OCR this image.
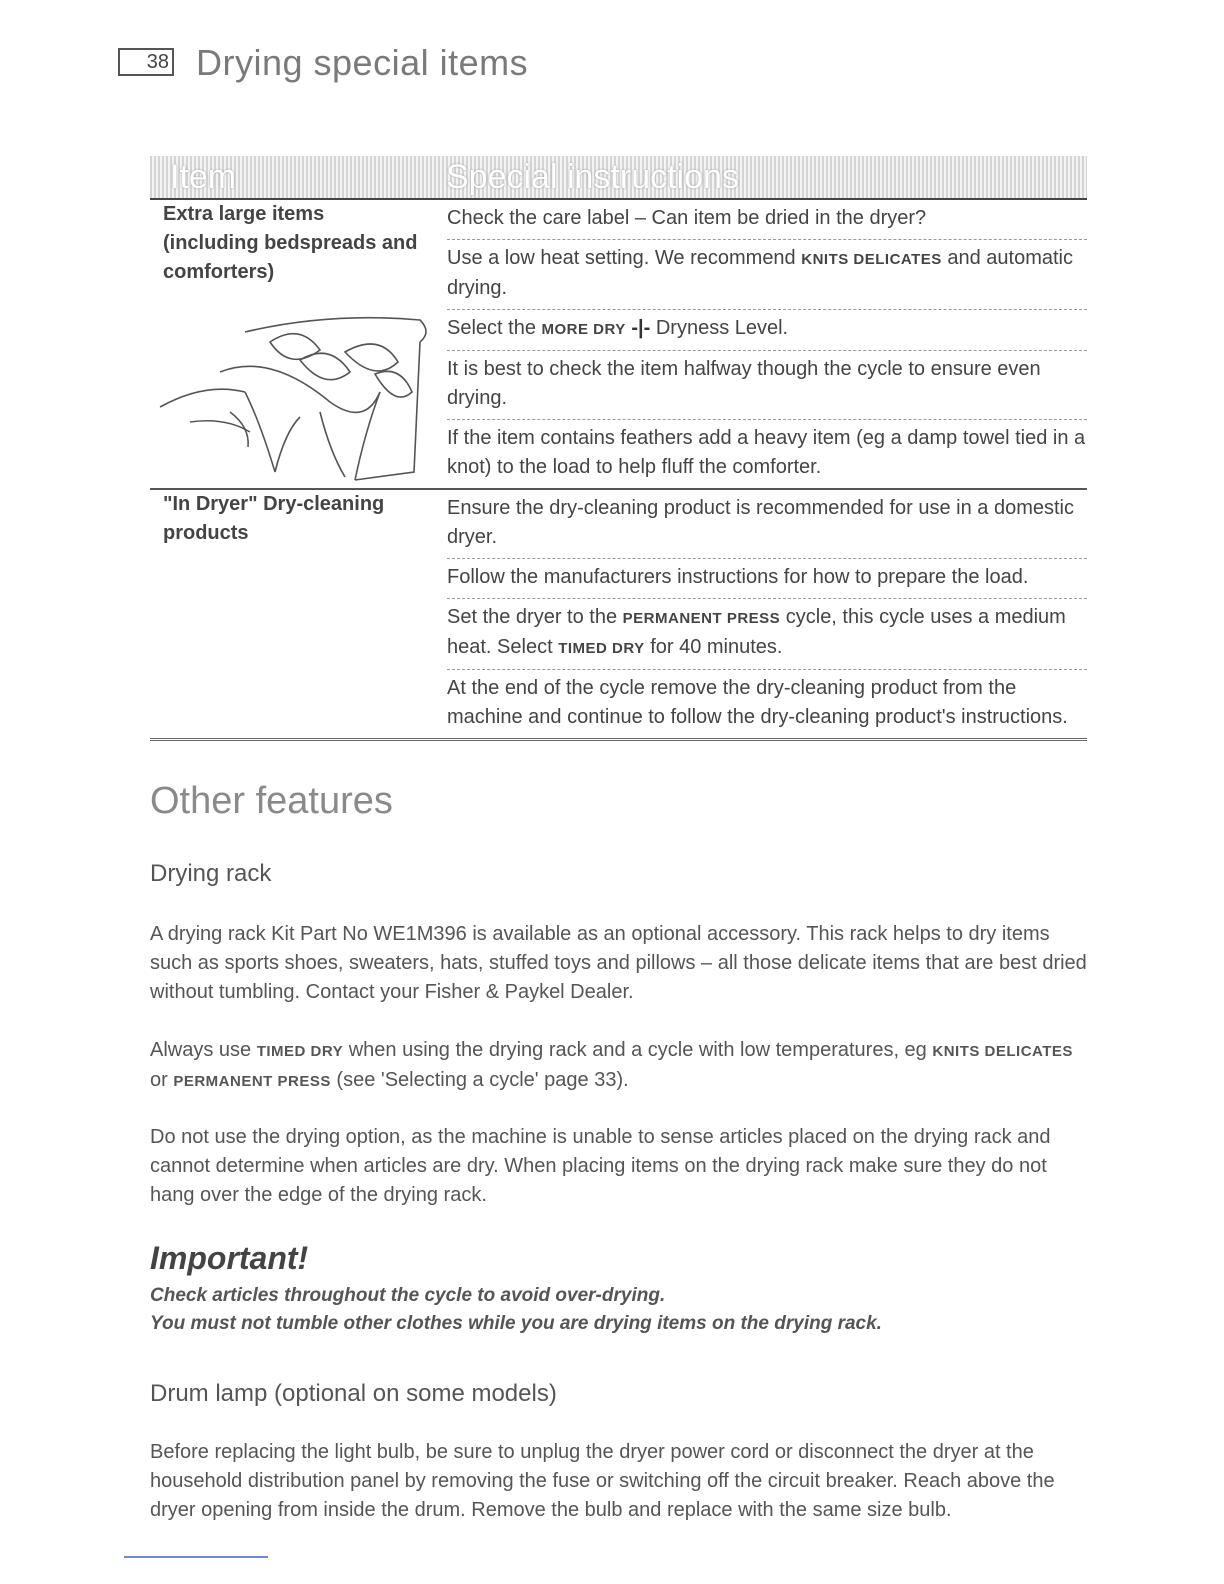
38 Drying special items
Item	Special instructions
Extra large items (including bedspreads and comforters)
Check the care label – Can item be dried in the dryer?
Use a low heat setting. We recommend KNITS DELICATES and automatic drying.
Select the MORE DRY -|- Dryness Level.
It is best to check the item halfway though the cycle to ensure even drying.
If the item contains feathers add a heavy item (eg a damp towel tied in a knot) to the load to help fluff the comforter.
"In Dryer" Dry-cleaning products
Ensure the dry-cleaning product is recommended for use in a domestic dryer.
Follow the manufacturers instructions for how to prepare the load.
Set the dryer to the PERMANENT PRESS cycle, this cycle uses a medium heat. Select TIMED DRY for 40 minutes.
At the end of the cycle remove the dry-cleaning product from the machine and continue to follow the dry-cleaning product's instructions.
Other features
Drying rack

A drying rack Kit Part No WE1M396 is available as an optional accessory. This rack helps to dry items such as sports shoes, sweaters, hats, stuffed toys and pillows – all those delicate items that are best dried without tumbling. Contact your Fisher & Paykel Dealer.

Always use TIMED DRY when using the drying rack and a cycle with low temperatures, eg KNITS DELICATES or PERMANENT PRESS (see 'Selecting a cycle' page 33).

Do not use the drying option, as the machine is unable to sense articles placed on the drying rack and cannot determine when articles are dry. When placing items on the drying rack make sure they do not hang over the edge of the drying rack.

Important!

Check articles throughout the cycle to avoid over-drying.

You must not tumble other clothes while you are drying items on the drying rack.

Drum lamp (optional on some models)

Before replacing the light bulb, be sure to unplug the dryer power cord or disconnect the dryer at the household distribution panel by removing the fuse or switching off the circuit breaker. Reach above the dryer opening from inside the drum. Remove the bulb and replace with the same size bulb.
